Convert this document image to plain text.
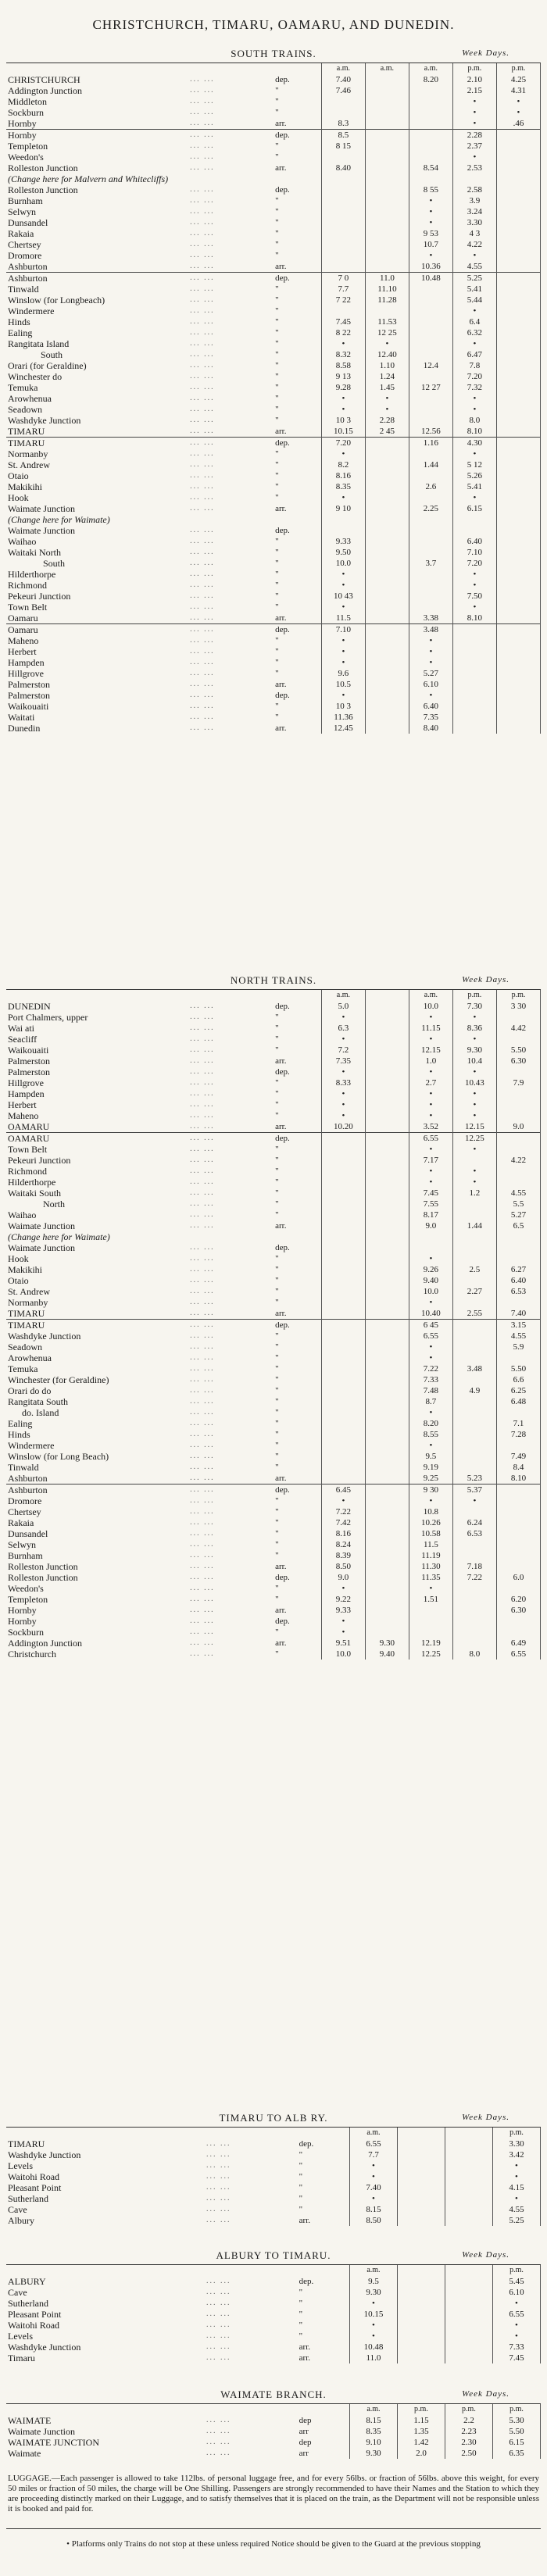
CHRISTCHURCH, TIMARU, OAMARU, AND DUNEDIN.
SOUTH TRAINS.	Week Days.
			a.m.	a.m.	a.m.	p.m.	p.m.
CHRISTCHURCH	... ...	dep.	7.40		8.20	2.10	4.25
Addington Junction	... ...	"	7.46			2.15	4.31
Middleton	... ...	"				•	•
Sockburn	... ...	"				•	•
Hornby	... ...	arr.	8.3			•	.46
Hornby	... ...	dep.	8.5			2.28	
Templeton	... ...	"	8 15			2.37	
Weedon's	... ...	"				•	
Rolleston Junction	... ...	arr.	8.40		8.54	2.53	
(Change here for Malvern and Whitecliffs)							
Rolleston Junction	... ...	dep.			8 55	2.58	
Burnham	... ...	"			•	3.9	
Selwyn	... ...	"			•	3.24	
Dunsandel	... ...	"			•	3.30	
Rakaia	... ...	"			9 53	4 3	
Chertsey	... ...	"			10.7	4.22	
Dromore	... ...	"			•	•	
Ashburton	... ...	arr.			10.36	4.55	
Ashburton	... ...	dep.	7 0	11.0	10.48	5.25	
Tinwald	... ...	"	7.7	11.10		5.41	
Winslow (for Longbeach)	... ...	"	7 22	11.28		5.44	
Windermere	... ...	"				•	
Hinds	... ...	"	7.45	11.53		6.4	
Ealing	... ...	"	8 22	12 25		6.32	
Rangitata Island	... ...	"	•	•		•	
South	... ...	"	8.32	12.40		6.47	
Orari (for Geraldine)	... ...	"	8.58	1.10	12.4	7.8	
Winchester do	... ...	"	9 13	1.24		7.20	
Temuka	... ...	"	9.28	1.45	12 27	7.32	
Arowhenua	... ...	"	•	•		•	
Seadown	... ...	"	•	•		•	
Washdyke Junction	... ...	"	10 3	2.28		8.0	
TIMARU	... ...	arr.	10.15	2 45	12.56	8.10	
TIMARU	... ...	dep.	7.20		1.16	4.30	
Normanby	... ...	"	•			•	
St. Andrew	... ...	"	8.2		1.44	5 12	
Otaio	... ...	"	8.16			5.26	
Makikihi	... ...	"	8.35		2.6	5.41	
Hook	... ...	"	•			•	
Waimate Junction	... ...	arr.	9 10		2.25	6.15	
(Change here for Waimate)							
Waimate Junction	... ...	dep.					
Waihao	... ...	"	9.33			6.40	
Waitaki North	... ...	"	9.50			7.10	
South	... ...	"	10.0		3.7	7.20	
Hilderthorpe	... ...	"	•			•	
Richmond	... ...	"	•			•	
Pekeuri Junction	... ...	"	10 43			7.50	
Town Belt	... ...	"	•			•	
Oamaru	... ...	arr.	11.5		3.38	8.10	
Oamaru	... ...	dep.	7.10		3.48		
Maheno	... ...	"	•		•		
Herbert	... ...	"	•		•		
Hampden	... ...	"	•		•		
Hillgrove	... ...	"	9.6		5.27		
Palmerston	... ...	arr.	10.5		6.10		
Palmerston	... ...	dep.	•		•		
Waikouaiti	... ...	"	10 3		6.40		
Waitati	... ...	"	11.36		7.35		
Dunedin	... ...	arr.	12.45		8.40		
NORTH TRAINS.	Week Days.
			a.m.		a.m.	p.m.	p.m.
DUNEDIN	... ...	dep.	5.0		10.0	7.30	3 30
Port Chalmers, upper	... ...	"	•		•	•	
Wai ati	... ...	"	6.3		11.15	8.36	4.42
Seacliff	... ...	"	•		•	•	
Waikouaiti	... ...	"	7.2		12.15	9.30	5.50
Palmerston	... ...	arr.	7.35		1.0	10.4	6.30
Palmerston	... ...	dep.	•		•	•	
Hillgrove	... ...	"	8.33		2.7	10.43	7.9
Hampden	... ...	"	•		•	•	
Herbert	... ...	"	•		•	•	
Maheno	... ...	"	•		•	•	
OAMARU	... ...	arr.	10.20		3.52	12.15	9.0
OAMARU	... ...	dep.			6.55	12.25	
Town Belt	... ...	"			•	•	
Pekeuri Junction	... ...	"			7.17		4.22
Richmond	... ...	"			•	•	
Hilderthorpe	... ...	"			•	•	
Waitaki South	... ...	"			7.45	1.2	4.55
North	... ...	"			7.55		5.5
Waihao	... ...	"			8.17		5.27
Waimate Junction	... ...	arr.			9.0	1.44	6.5
(Change here for Waimate)							
Waimate Junction	... ...	dep.					
Hook	... ...	"			•		
Makikihi	... ...	"			9.26	2.5	6.27
Otaio	... ...	"			9.40		6.40
St. Andrew	... ...	"			10.0	2.27	6.53
Normanby	... ...	"			•		
TIMARU	... ...	arr.			10.40	2.55	7.40
TIMARU	... ...	dep.			6 45		3.15
Washdyke Junction	... ...	"			6.55		4.55
Seadown	... ...	"			•		5.9
Arowhenua	... ...	"			•		
Temuka	... ...	"			7.22	3.48	5.50
Winchester (for Geraldine)	... ...	"			7.33		6.6
Orari do do	... ...	"			7.48	4.9	6.25
Rangitata South	... ...	"			8.7		6.48
do. Island	... ...	"			•		
Ealing	... ...	"			8.20		7.1
Hinds	... ...	"			8.55		7.28
Windermere	... ...	"			•		
Winslow (for Long Beach)	... ...	"			9.5		7.49
Tinwald	... ...	"			9.19		8.4
Ashburton	... ...	arr.			9.25	5.23	8.10
Ashburton	... ...	dep.	6.45		9 30	5.37	
Dromore	... ...	"	•		•	•	
Chertsey	... ...	"	7.22		10.8		
Rakaia	... ...	"	7.42		10.26	6.24	
Dunsandel	... ...	"	8.16		10.58	6.53	
Selwyn	... ...	"	8.24		11.5		
Burnham	... ...	"	8.39		11.19		
Rolleston Junction	... ...	arr.	8.50		11.30	7.18	
Rolleston Junction	... ...	dep.	9.0		11.35	7.22	6.0
Weedon's	... ...	"	•		•		
Templeton	... ...	"	9.22		1.51		6.20
Hornby	... ...	arr.	9.33				6.30
Hornby	... ...	dep.	•				
Sockburn	... ...	"	•				
Addington Junction	... ...	arr.	9.51	9.30	12.19		6.49
Christchurch	... ...	"	10.0	9.40	12.25	8.0	6.55
TIMARU TO ALB RY.	Week Days.
			a.m.			p.m.
TIMARU	... ...	dep.	6.55			3.30
Washdyke Junction	... ...	"	7.7			3.42
Levels	... ...	"	•			•
Waitohi Road	... ...	"	•			•
Pleasant Point	... ...	"	7.40			4.15
Sutherland	... ...	"	•			•
Cave	... ...	"	8.15			4.55
Albury	... ...	arr.	8.50			5.25
ALBURY TO TIMARU.	Week Days.
			a.m.			p.m.
ALBURY	... ...	dep.	9.5			5.45
Cave	... ...	"	9.30			6.10
Sutherland	... ...	"	•			•
Pleasant Point	... ...	"	10.15			6.55
Waitohi Road	... ...	"	•			•
Levels	... ...	"	•			•
Washdyke Junction	... ...	arr.	10.48			7.33
Timaru	... ...	arr.	11.0			7.45
WAIMATE BRANCH.	Week Days.
			a.m.	p.m.	p.m.	p.m.
WAIMATE	... ...	dep	8.15	1.15	2.2	5.30
Waimate Junction	... ...	arr	8.35	1.35	2.23	5.50
WAIMATE JUNCTION	... ...	dep	9.10	1.42	2.30	6.15
Waimate	... ...	arr	9.30	2.0	2.50	6.35
LUGGAGE.—Each passenger is allowed to take 112lbs. of personal luggage free, and for every 56lbs. or fraction of 56lbs. above this weight, for every 50 miles or fraction of 50 miles, the charge will be One Shilling. Passengers are strongly recommended to have their Names and the Station to which they are proceeding distinctly marked on their Luggage, and to satisfy themselves that it is placed on the train, as the Department will not be responsible unless it is booked and paid for.
• Platforms only Trains do not stop at these unless required Notice should be given to the Guard at the previous stopping
